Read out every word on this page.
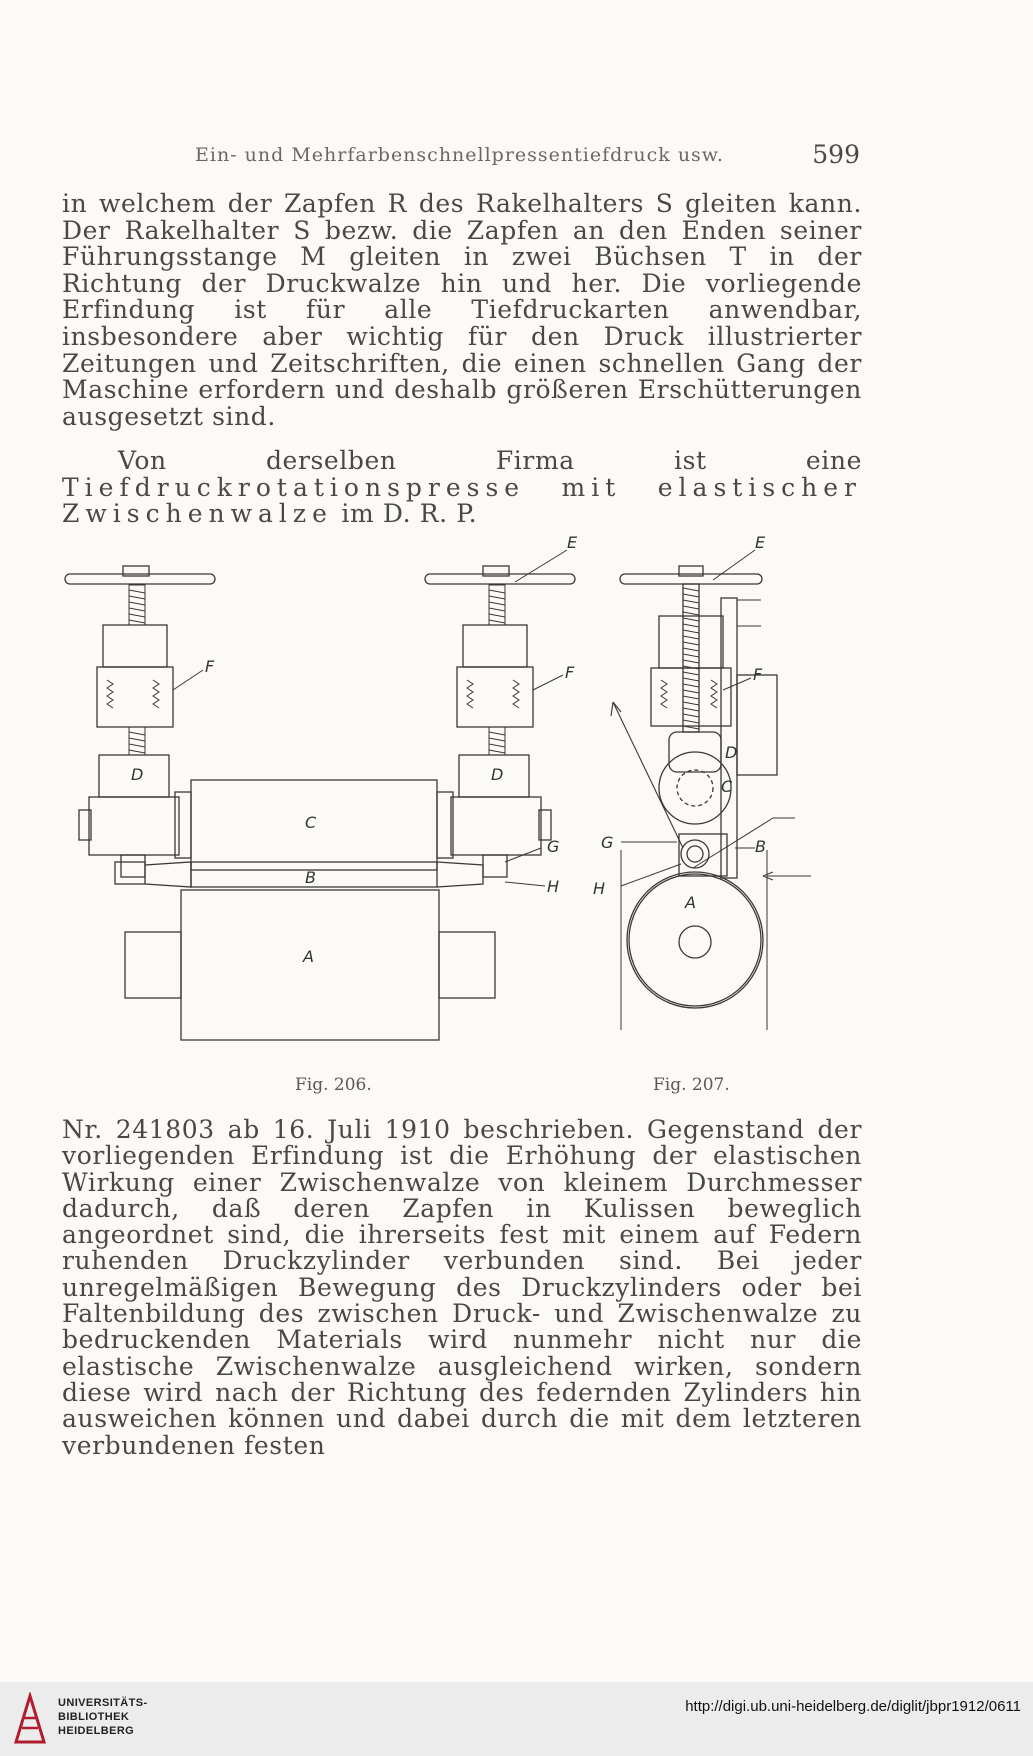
Ein- und Mehrfarbenschnellpressentiefdruck usw.	599

in welchem der Zapfen R des Rakelhalters S gleiten kann. Der Rakelhalter S bezw. die Zapfen an den Enden seiner Führungsstange M gleiten in zwei Büchsen T in der Richtung der Druckwalze hin und her. Die vorliegende Erfindung ist für alle Tiefdruckarten anwendbar, insbesondere aber wichtig für den Druck illustrierter Zeitungen und Zeitschriften, die einen schnellen Gang der Maschine erfordern und deshalb größeren Erschütterungen ausgesetzt sind.

Von derselben Firma ist eine Tiefdruckrotationspresse mit elastischer Zwischenwalze im D. R. P.

E
F	F
D	D
C
B
G
H
A
Fig. 206.
E
F
D
C
G	B
H
A
Fig. 207.

Nr. 241803 ab 16. Juli 1910 beschrieben. Gegenstand der vorliegenden Erfindung ist die Erhöhung der elastischen Wirkung einer Zwischenwalze von kleinem Durchmesser dadurch, daß deren Zapfen in Kulissen beweglich angeordnet sind, die ihrerseits fest mit einem auf Federn ruhenden Druckzylinder verbunden sind. Bei jeder unregelmäßigen Bewegung des Druckzylinders oder bei Faltenbildung des zwischen Druck- und Zwischenwalze zu bedruckenden Materials wird nunmehr nicht nur die elastische Zwischenwalze ausgleichend wirken, sondern diese wird nach der Richtung des federnden Zylinders hin ausweichen können und dabei durch die mit dem letzteren verbundenen festen

UNIVERSITÄTS-
BIBLIOTHEK
HEIDELBERG
http://digi.ub.uni-heidelberg.de/diglit/jbpr1912/0611
